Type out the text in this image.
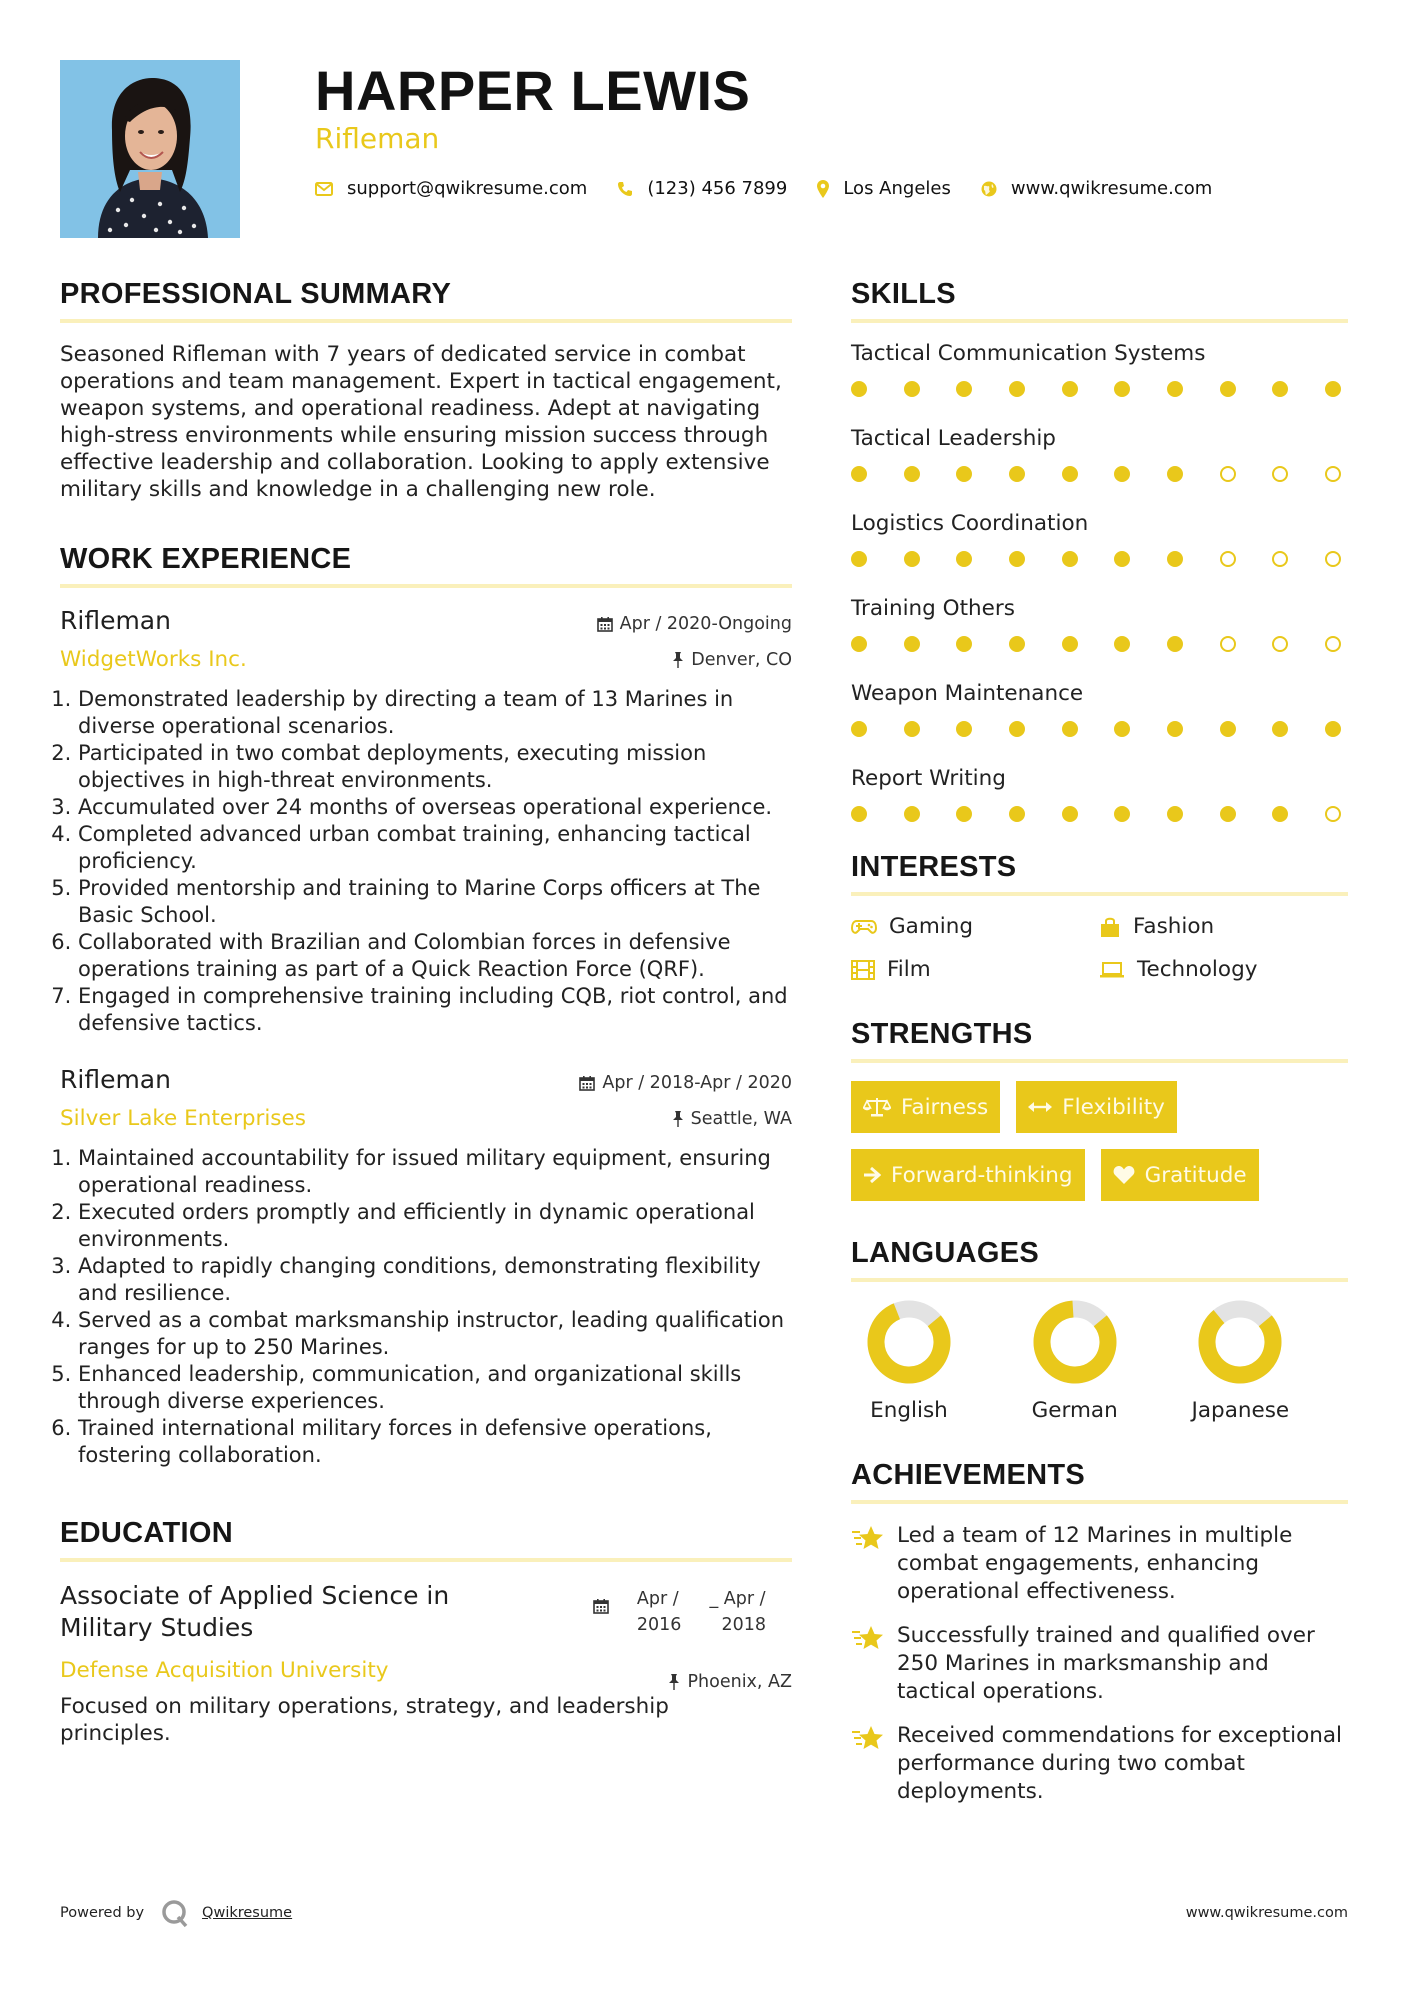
HARPER LEWIS
Rifleman
support@qwikresume.com	(123) 456 7899	Los Angeles	www.qwikresume.com
PROFESSIONAL SUMMARY
Seasoned Rifleman with 7 years of dedicated service in combat operations and team management. Expert in tactical engagement, weapon systems, and operational readiness. Adept at navigating high-stress environments while ensuring mission success through effective leadership and collaboration. Looking to apply extensive military skills and knowledge in a challenging new role.
WORK EXPERIENCE
Rifleman
WidgetWorks Inc.
Apr / 2020-Ongoing
Denver, CO
1. Demonstrated leadership by directing a team of 13 Marines in diverse operational scenarios.
2. Participated in two combat deployments, executing mission objectives in high-threat environments.
3. Accumulated over 24 months of overseas operational experience.
4. Completed advanced urban combat training, enhancing tactical proficiency.
5. Provided mentorship and training to Marine Corps officers at The Basic School.
6. Collaborated with Brazilian and Colombian forces in defensive operations training as part of a Quick Reaction Force (QRF).
7. Engaged in comprehensive training including CQB, riot control, and defensive tactics.
Rifleman
Silver Lake Enterprises
Apr / 2018-Apr / 2020
Seattle, WA
1. Maintained accountability for issued military equipment, ensuring operational readiness.
2. Executed orders promptly and efficiently in dynamic operational environments.
3. Adapted to rapidly changing conditions, demonstrating flexibility and resilience.
4. Served as a combat marksmanship instructor, leading qualification ranges for up to 250 Marines.
5. Enhanced leadership, communication, and organizational skills through diverse experiences.
6. Trained international military forces in defensive operations, fostering collaboration.
EDUCATION
Associate of Applied Science in Military Studies
Apr /
2016
_ Apr /
2018
Phoenix, AZ
Defense Acquisition University
Focused on military operations, strategy, and leadership principles.
SKILLS
Tactical Communication Systems
Tactical Leadership
Logistics Coordination
Training Others
Weapon Maintenance
Report Writing
INTERESTS
Gaming	Fashion
Film	Technology
STRENGTHS
Fairness	Flexibility
Forward-thinking	Gratitude
LANGUAGES
English	German	Japanese
ACHIEVEMENTS
Led a team of 12 Marines in multiple combat engagements, enhancing operational effectiveness.
Successfully trained and qualified over 250 Marines in marksmanship and tactical operations.
Received commendations for exceptional performance during two combat deployments.
Powered by	Qwikresume	www.qwikresume.com
